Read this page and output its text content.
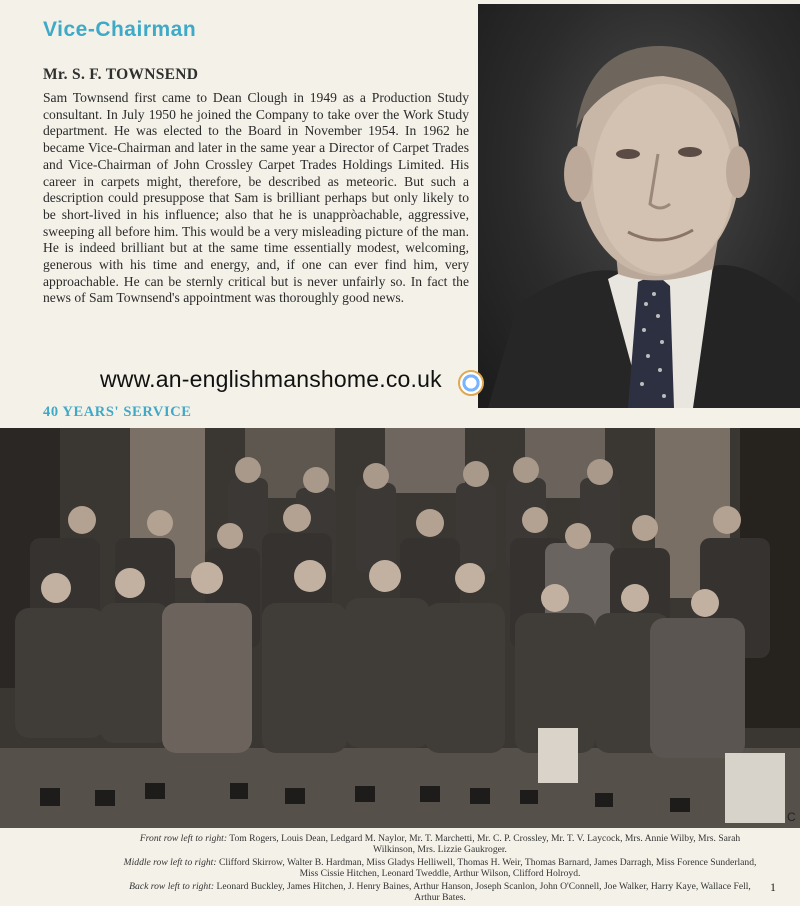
Vice-Chairman
Mr. S. F. TOWNSEND

Sam Townsend first came to Dean Clough in 1949 as a Production Study consultant. In July 1950 he joined the Company to take over the Work Study department. He was elected to the Board in November 1954. In 1962 he became Vice-Chairman and later in the same year a Director of Carpet Trades and Vice-Chairman of John Crossley Carpet Trades Holdings Limited. His career in carpets might, therefore, be described as meteoric. But such a description could presuppose that Sam is brilliant perhaps but only likely to be short-lived in his influence; also that he is unappròachable, aggressive, sweeping all before him. This would be a very misleading picture of the man. He is indeed brilliant but at the same time essentially modest, welcoming, generous with his time and energy, and, if one can ever find him, very approachable. He can be sternly critical but is never unfairly so. In fact the news of Sam Townsend's appointment was thoroughly good news.

www.an-englishmanshome.co.uk
40 YEARS' SERVICE
C

Front row left to right: Tom Rogers, Louis Dean, Ledgard M. Naylor, Mr. T. Marchetti, Mr. C. P. Crossley, Mr. T. V. Laycock, Mrs. Annie Wilby, Mrs. Sarah Wilkinson, Mrs. Lizzie Gaukroger.

Middle row left to right: Clifford Skirrow, Walter B. Hardman, Miss Gladys Helliwell, Thomas H. Weir, Thomas Barnard, James Darragh, Miss Forence Sunderland, Miss Cissie Hitchen, Leonard Tweddle, Arthur Wilson, Clifford Holroyd.

Back row left to right: Leonard Buckley, James Hitchen, J. Henry Baines, Arthur Hanson, Joseph Scanlon, John O'Connell, Joe Walker, Harry Kaye, Wallace Fell, Arthur Bates.

1
